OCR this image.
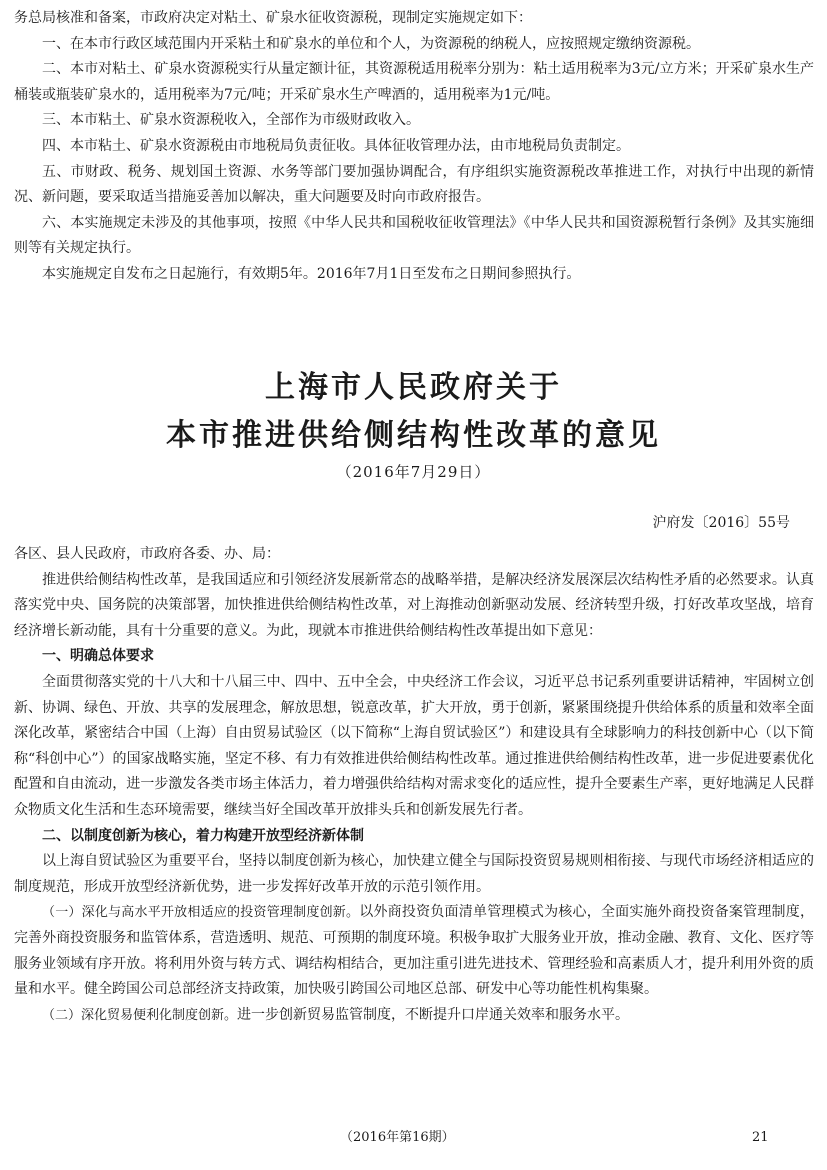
务总局核准和备案，市政府决定对粘土、矿泉水征收资源税，现制定实施规定如下：

一、在本市行政区域范围内开采粘土和矿泉水的单位和个人，为资源税的纳税人，应按照规定缴纳资源税。

二、本市对粘土、矿泉水资源税实行从量定额计征，其资源税适用税率分别为：粘土适用税率为3元/立方米；开采矿泉水生产桶装或瓶装矿泉水的，适用税率为7元/吨；开采矿泉水生产啤酒的，适用税率为1元/吨。

三、本市粘土、矿泉水资源税收入，全部作为市级财政收入。

四、本市粘土、矿泉水资源税由市地税局负责征收。具体征收管理办法，由市地税局负责制定。

五、市财政、税务、规划国土资源、水务等部门要加强协调配合，有序组织实施资源税改革推进工作，对执行中出现的新情况、新问题，要采取适当措施妥善加以解决，重大问题要及时向市政府报告。

六、本实施规定未涉及的其他事项，按照《中华人民共和国税收征收管理法》《中华人民共和国资源税暂行条例》及其实施细则等有关规定执行。

本实施规定自发布之日起施行，有效期5年。2016年7月1日至发布之日期间参照执行。

上海市人民政府关于

本市推进供给侧结构性改革的意见

（2016年7月29日）

沪府发〔2016〕55号

各区、县人民政府，市政府各委、办、局：

推进供给侧结构性改革，是我国适应和引领经济发展新常态的战略举措，是解决经济发展深层次结构性矛盾的必然要求。认真落实党中央、国务院的决策部署，加快推进供给侧结构性改革，对上海推动创新驱动发展、经济转型升级，打好改革攻坚战，培育经济增长新动能，具有十分重要的意义。为此，现就本市推进供给侧结构性改革提出如下意见：

一、明确总体要求

全面贯彻落实党的十八大和十八届三中、四中、五中全会，中央经济工作会议，习近平总书记系列重要讲话精神，牢固树立创新、协调、绿色、开放、共享的发展理念，解放思想，锐意改革，扩大开放，勇于创新，紧紧围绕提升供给体系的质量和效率全面深化改革，紧密结合中国（上海）自由贸易试验区（以下简称“上海自贸试验区”）和建设具有全球影响力的科技创新中心（以下简称“科创中心”）的国家战略实施，坚定不移、有力有效推进供给侧结构性改革。通过推进供给侧结构性改革，进一步促进要素优化配置和自由流动，进一步激发各类市场主体活力，着力增强供给结构对需求变化的适应性，提升全要素生产率，更好地满足人民群众物质文化生活和生态环境需要，继续当好全国改革开放排头兵和创新发展先行者。

二、以制度创新为核心，着力构建开放型经济新体制

以上海自贸试验区为重要平台，坚持以制度创新为核心，加快建立健全与国际投资贸易规则相衔接、与现代市场经济相适应的制度规范，形成开放型经济新优势，进一步发挥好改革开放的示范引领作用。

（一）深化与高水平开放相适应的投资管理制度创新。以外商投资负面清单管理模式为核心，全面实施外商投资备案管理制度，完善外商投资服务和监管体系，营造透明、规范、可预期的制度环境。积极争取扩大服务业开放，推动金融、教育、文化、医疗等服务业领域有序开放。将利用外资与转方式、调结构相结合，更加注重引进先进技术、管理经验和高素质人才，提升利用外资的质量和水平。健全跨国公司总部经济支持政策，加快吸引跨国公司地区总部、研发中心等功能性机构集聚。

（二）深化贸易便利化制度创新。进一步创新贸易监管制度，不断提升口岸通关效率和服务水平。

（2016年第16期）	21
